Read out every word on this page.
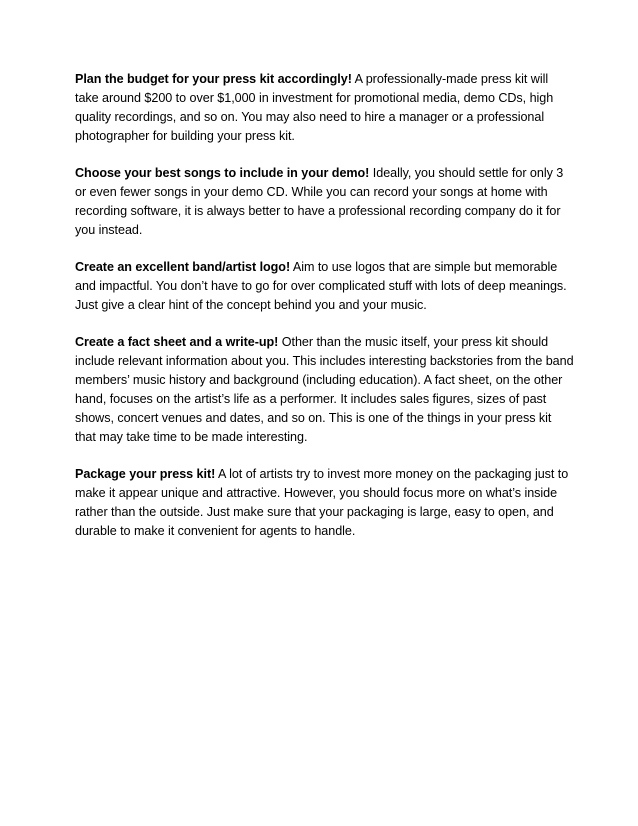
Plan the budget for your press kit accordingly! A professionally-made press kit will take around $200 to over $1,000 in investment for promotional media, demo CDs, high quality recordings, and so on. You may also need to hire a manager or a professional photographer for building your press kit.

Choose your best songs to include in your demo! Ideally, you should settle for only 3 or even fewer songs in your demo CD. While you can record your songs at home with recording software, it is always better to have a professional recording company do it for you instead.

Create an excellent band/artist logo! Aim to use logos that are simple but memorable and impactful. You don’t have to go for over complicated stuff with lots of deep meanings. Just give a clear hint of the concept behind you and your music.

Create a fact sheet and a write-up! Other than the music itself, your press kit should include relevant information about you. This includes interesting backstories from the band members’ music history and background (including education). A fact sheet, on the other hand, focuses on the artist’s life as a performer. It includes sales figures, sizes of past shows, concert venues and dates, and so on. This is one of the things in your press kit that may take time to be made interesting.

Package your press kit! A lot of artists try to invest more money on the packaging just to make it appear unique and attractive. However, you should focus more on what’s inside rather than the outside. Just make sure that your packaging is large, easy to open, and durable to make it convenient for agents to handle.
